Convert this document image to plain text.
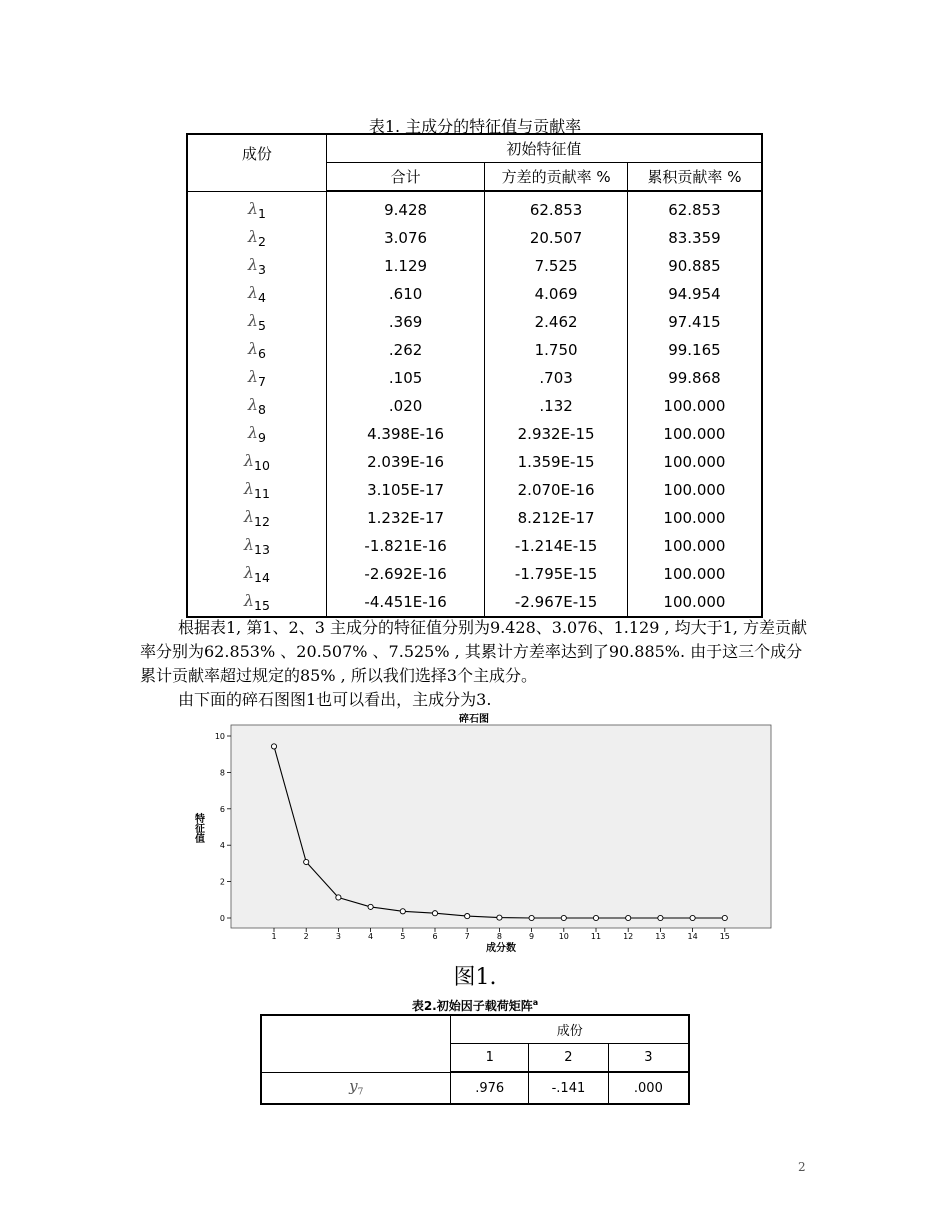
表1. 主成分的特征值与贡献率
成份	初始特征值		
	合计	方差的贡献率 %	累积贡献率 %
$\lambda_1$	9.428	62.853	62.853
$\lambda_2$	3.076	20.507	83.359
$\lambda_3$	1.129	7.525	90.885
$\lambda_4$	.610	4.069	94.954
$\lambda_5$	.369	2.462	97.415
$\lambda_6$	.262	1.750	99.165
$\lambda_7$	.105	.703	99.868
$\lambda_8$	.020	.132	100.000
$\lambda_9$	4.398E-16	2.932E-15	100.000
$\lambda_{10}$	2.039E-16	1.359E-15	100.000
$\lambda_{11}$	3.105E-17	2.070E-16	100.000
$\lambda_{12}$	1.232E-17	8.212E-17	100.000
$\lambda_{13}$	-1.821E-16	-1.214E-15	100.000
$\lambda_{14}$	-2.692E-16	-1.795E-15	100.000
$\lambda_{15}$	-4.451E-16	-2.967E-15	100.000
根据表1, 第1、2、3 主成分的特征值分别为9.428、3.076、1.129 , 均大于1, 方差贡献率分别为62.853% 、20.507% 、7.525% , 其累计方差率达到了90.885%. 由于这三个成分累计贡献率超过规定的85% , 所以我们选择3个主成分。
由下面的碎石图图1也可以看出，主成分为3.
碎石图
0
2
4
6
8
10
1	2	3	4	5	6	7	8	9	10	11	12	13	14	15
特征值
成分数
图1.
表2.初始因子载荷矩阵$^a$
	成份		
	1	2	3
$y_7$	.976	-.141	.000
2
